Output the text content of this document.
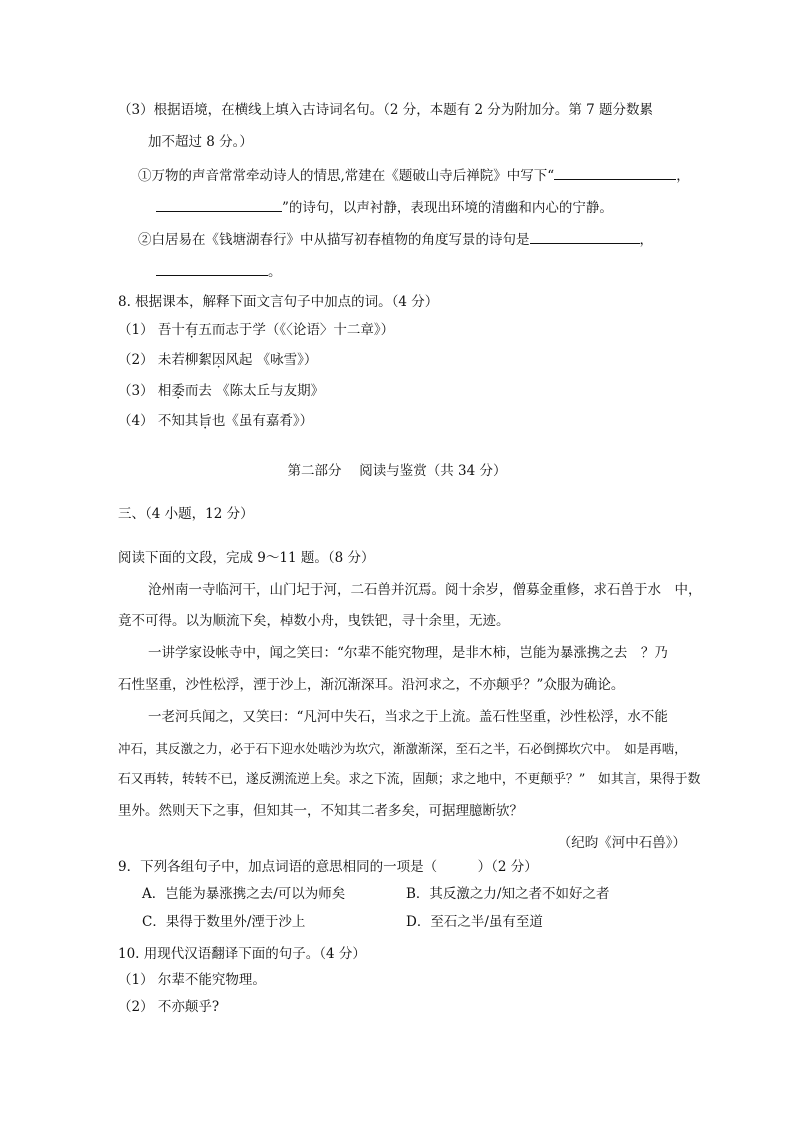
（3）根据语境，在横线上填入古诗词名句。（2 分，本题有 2 分为附加分。第 7 题分数累
加不超过 8 分。）
①万物的声音常常牵动诗人的情思,常建在《题破山寺后禅院》中写下“	，
”的诗句，以声衬静，表现出环境的清幽和内心的宁静。
②白居易在《钱塘湖春行》中从描写初春植物的角度写景的诗句是	，
。
8. 根据课本，解释下面文言句子中加点的词。（4 分）
（1） 吾十有五而志于学（《〈论语〉十二章》）
（2） 未若柳絮因风起 《咏雪》）
（3） 相委而去 《陈太丘与友期》
（4） 不知其旨也《虽有嘉肴》）
第二部分　 阅读与鉴赏（共 34 分）
三、（4 小题，12 分）
阅读下面的文段，完成 9～11 题。（8 分）
沧州南一寺临河干，山门圮于河，二石兽并沉焉。阅十余岁，僧募金重修，求石兽于水　中，
竟不可得。以为顺流下矣，棹数小舟，曳铁钯，寻十余里，无迹。
一讲学家设帐寺中，闻之笑曰：“尔辈不能究物理，是非木柿，岂能为暴涨携之去　？乃
石性坚重，沙性松浮，湮于沙上，渐沉渐深耳。沿河求之，不亦颠乎？”众服为确论。
一老河兵闻之，又笑曰：“凡河中失石，当求之于上流。盖石性坚重，沙性松浮，水不能
冲石，其反激之力，必于石下迎水处啮沙为坎穴，渐激渐深，至石之半，石必倒掷坎穴中。　如是再啮，
石又再转，转转不已，遂反溯流逆上矣。求之下流，固颠；求之地中，不更颠乎？”　如其言，果得于数
里外。然则天下之事，但知其一，不知其二者多矣，可据理臆断欤？
（纪昀《河中石兽》）
9．下列各组句子中，加点词语的意思相同的一项是（　　　）（2 分）
A．岂能为暴涨携之去/可以为师矣	B．其反激之力/知之者不如好之者
C．果得于数里外/湮于沙上	D．至石之半/虽有至道
10. 用现代汉语翻译下面的句子。（4 分）
（1） 尔辈不能究物理。
（2） 不亦颠乎?
